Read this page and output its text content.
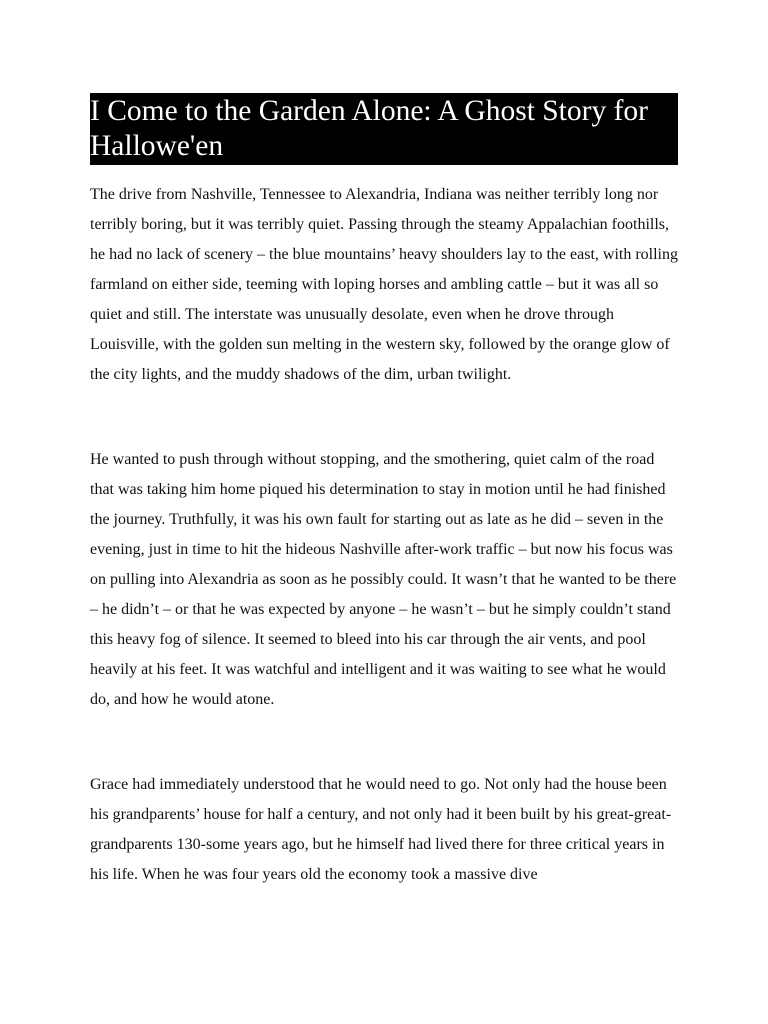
I Come to the Garden Alone: A Ghost Story for Hallowe'en

The drive from Nashville, Tennessee to Alexandria, Indiana was neither terribly long nor terribly boring, but it was terribly quiet. Passing through the steamy Appalachian foothills, he had no lack of scenery – the blue mountains’ heavy shoulders lay to the east, with rolling farmland on either side, teeming with loping horses and ambling cattle – but it was all so quiet and still. The interstate was unusually desolate, even when he drove through Louisville, with the golden sun melting in the western sky, followed by the orange glow of the city lights, and the muddy shadows of the dim, urban twilight.

He wanted to push through without stopping, and the smothering, quiet calm of the road that was taking him home piqued his determination to stay in motion until he had finished the journey. Truthfully, it was his own fault for starting out as late as he did – seven in the evening, just in time to hit the hideous Nashville after-work traffic – but now his focus was on pulling into Alexandria as soon as he possibly could. It wasn’t that he wanted to be there – he didn’t – or that he was expected by anyone – he wasn’t – but he simply couldn’t stand this heavy fog of silence. It seemed to bleed into his car through the air vents, and pool heavily at his feet. It was watchful and intelligent and it was waiting to see what he would do, and how he would atone.

Grace had immediately understood that he would need to go. Not only had the house been his grandparents’ house for half a century, and not only had it been built by his great-great-grandparents 130-some years ago, but he himself had lived there for three critical years in his life. When he was four years old the economy took a massive dive
